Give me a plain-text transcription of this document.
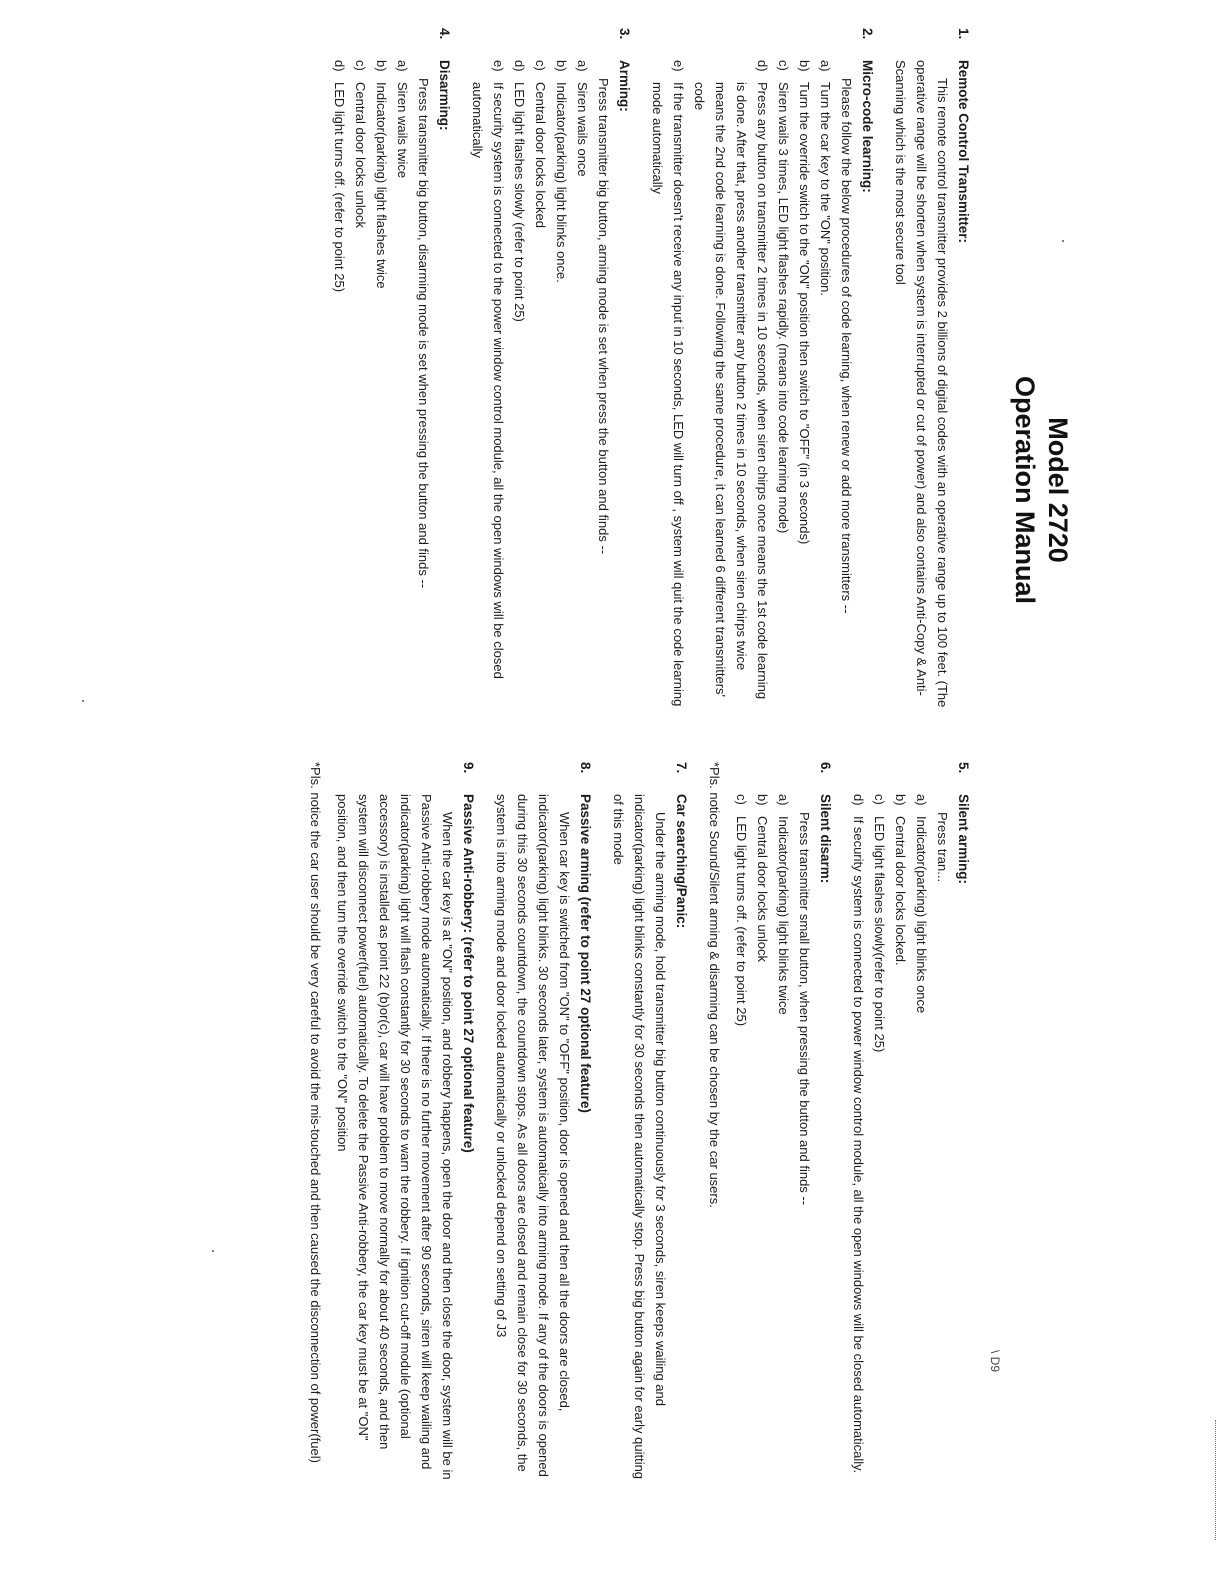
Model 2720
Operation Manual
\ D9
1.
Remote Control Transmitter:
This remote control transmitter provides 2 billions of digital codes with an operative range up to 100 feet. (The operative range will be shorten when system is interrupted or cut of power) and also contains Anti-Copy & Anti-Scanning which is the most secure tool
2.
Micro-code learning:
Please follow the below procedures of code learning, when renew or add more transmitters --
a)
Turn the car key to the "ON" position.
b)
Turn the override switch to the "ON" position then switch to "OFF" (in 3 seconds)
c)
Siren wails 3 times, LED light flashes rapidly. (means into code learning mode)
d)
Press any button on transmitter 2 times in 10 seconds, when siren chirps once means the 1st code learning is done. After that, press another transmitter any button 2 times in 10 seconds, when siren chirps twice means the 2nd code learning is done. Following the same procedure, it can learned 6 different transmitters' code
e)
If the transmitter doesn't receive any input in 10 seconds, LED will turn off , system will quit the code learning mode automatically
3.
Arming:
Press transmitter big button, arming mode is set when press the button and finds --
a)
Siren wails once
b)
Indicator(parking) light blinks once.
c)
Central door locks locked
d)
LED light flashes slowly (refer to point 25)
e)
If security system is connected to the power window control module, all the open windows will be closed automatically
4.
Disarming:
Press transmitter big button, disarming mode is set when pressing the button and finds --
a)
Siren wails twice
b)
Indicator(parking) light flashes twice
c)
Central door locks unlock
d)
LED light turns off. (refer to point 25)
5.
Silent arming:
Press tran...
a)
Indicator(parking) light blinks once
b)
Central door locks locked.
c)
LED light flashes slowly(refer to point 25)
d)
If security system is connected to power window control module, all the open windows will be closed automatically.
6.
Silent disarm:
Press transmitter small button, when pressing the button and finds --
a)
Indicator(parking) light blinks twice
b)
Central door locks unlock
c)
LED light turns off. (refer to point 25)
*Pls. notice Sound/Silent arming & disarming can be chosen by the car users.
7.
Car searching/Panic:
Under the arming mode, hold transmitter big button continuously for 3 seconds, siren keeps wailing and indicator(parking) light blinks constantly for 30 seconds then automatically stop. Press big button again for early quitting of this mode
8.
Passive arming (refer to point 27 optional feature)
When car key is switched from "ON" to "OFF" position, door is opened and then all the doors are closed, indicator(parking) light blinks. 30 seconds later, system is automatically into arming mode. If any of the doors is opened during this 30 seconds countdown, the countdown stops. As all doors are closed and remain close for 30 seconds, the system is into arming mode and door locked automatically or unlocked depend on setting of J3
9.
Passive Anti-robbery: (refer to point 27 optional feature)
When the car key is at "ON" position, and robbery happens, open the door and then close the door, system will be in Passive Anti-robbery mode automatically. If there is no further movement after 90 seconds, siren will keep wailing and indicator(parking) light will flash constantly for 30 seconds to warn the robbery. If ignition cut-off module (optional accessory) is installed as point 22 (b)or(c), car will have problem to move normally for about 40 seconds, and then system will disconnect power(fuel) automatically. To delete the Passive Anti-robbery, the car key must be at "ON" position, and then turn the override switch to the "ON" position
*Pls. notice the car user should be very careful to avoid the mis-touched and then caused the disconnection of power(fuel)
